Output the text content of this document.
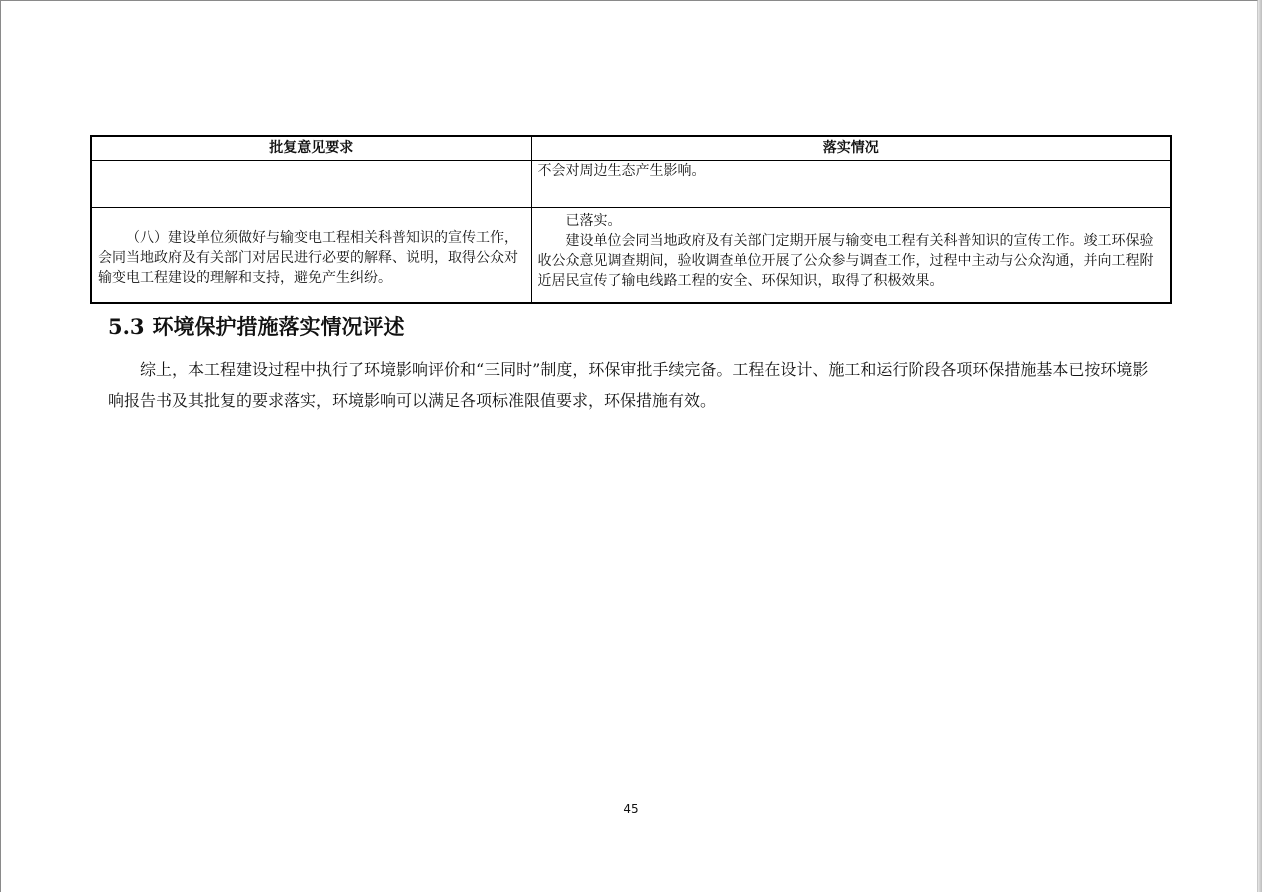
批复意见要求	落实情况
	不会对周边生态产生影响。

（八）建设单位须做好与输变电工程相关科普知识的宣传工作，会同当地政府及有关部门对居民进行必要的解释、说明，取得公众对输变电工程建设的理解和支持，避免产生纠纷。	已落实。
建设单位会同当地政府及有关部门定期开展与输变电工程有关科普知识的宣传工作。竣工环保验收公众意见调查期间，验收调查单位开展了公众参与调查工作，过程中主动与公众沟通，并向工程附近居民宣传了输电线路工程的安全、环保知识，取得了积极效果。
5.3 环境保护措施落实情况评述

综上，本工程建设过程中执行了环境影响评价和“三同时”制度，环保审批手续完备。工程在设计、施工和运行阶段各项环保措施基本已按环境影响报告书及其批复的要求落实，环境影响可以满足各项标准限值要求，环保措施有效。

45
